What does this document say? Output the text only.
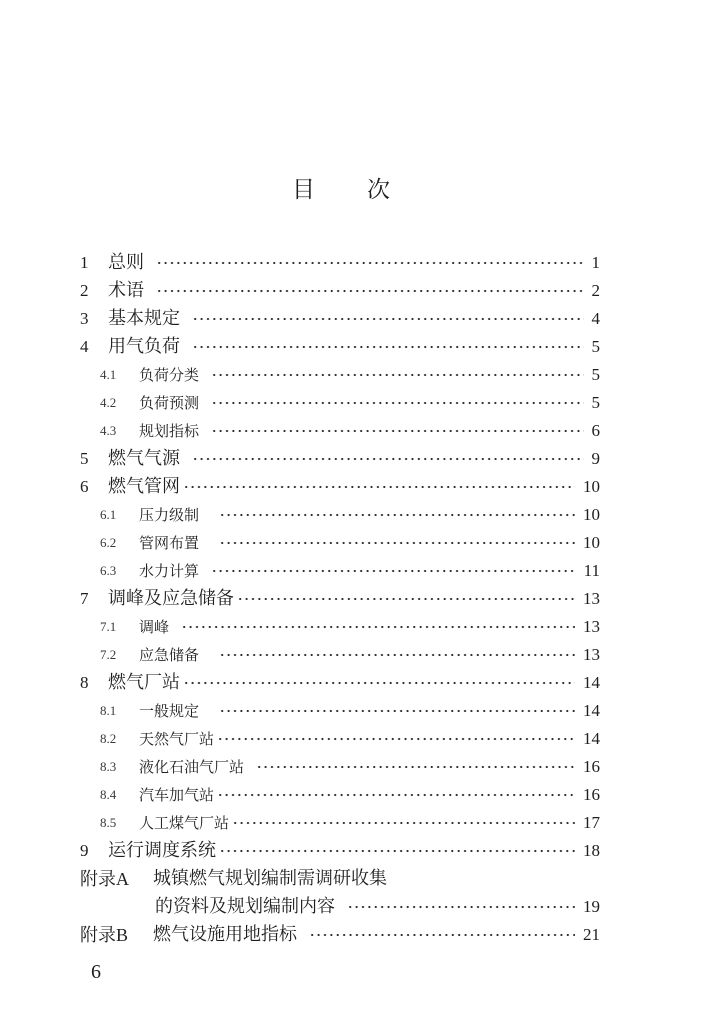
目次
1	总则	1
2	术语	2
3	基本规定	4
4	用气负荷	5
4.1	负荷分类	5
4.2	负荷预测	5
4.3	规划指标	6
5	燃气气源	9
6	燃气管网	10
6.1	压力级制	10
6.2	管网布置	10
6.3	水力计算	11
7	调峰及应急储备	13
7.1	调峰	13
7.2	应急储备	13
8	燃气厂站	14
8.1	一般规定	14
8.2	天然气厂站	14
8.3	液化石油气厂站	16
8.4	汽车加气站	16
8.5	人工煤气厂站	17
9	运行调度系统	18
附录A	城镇燃气规划编制需调研收集
的资料及规划编制内容	19
附录B	燃气设施用地指标	21
6
